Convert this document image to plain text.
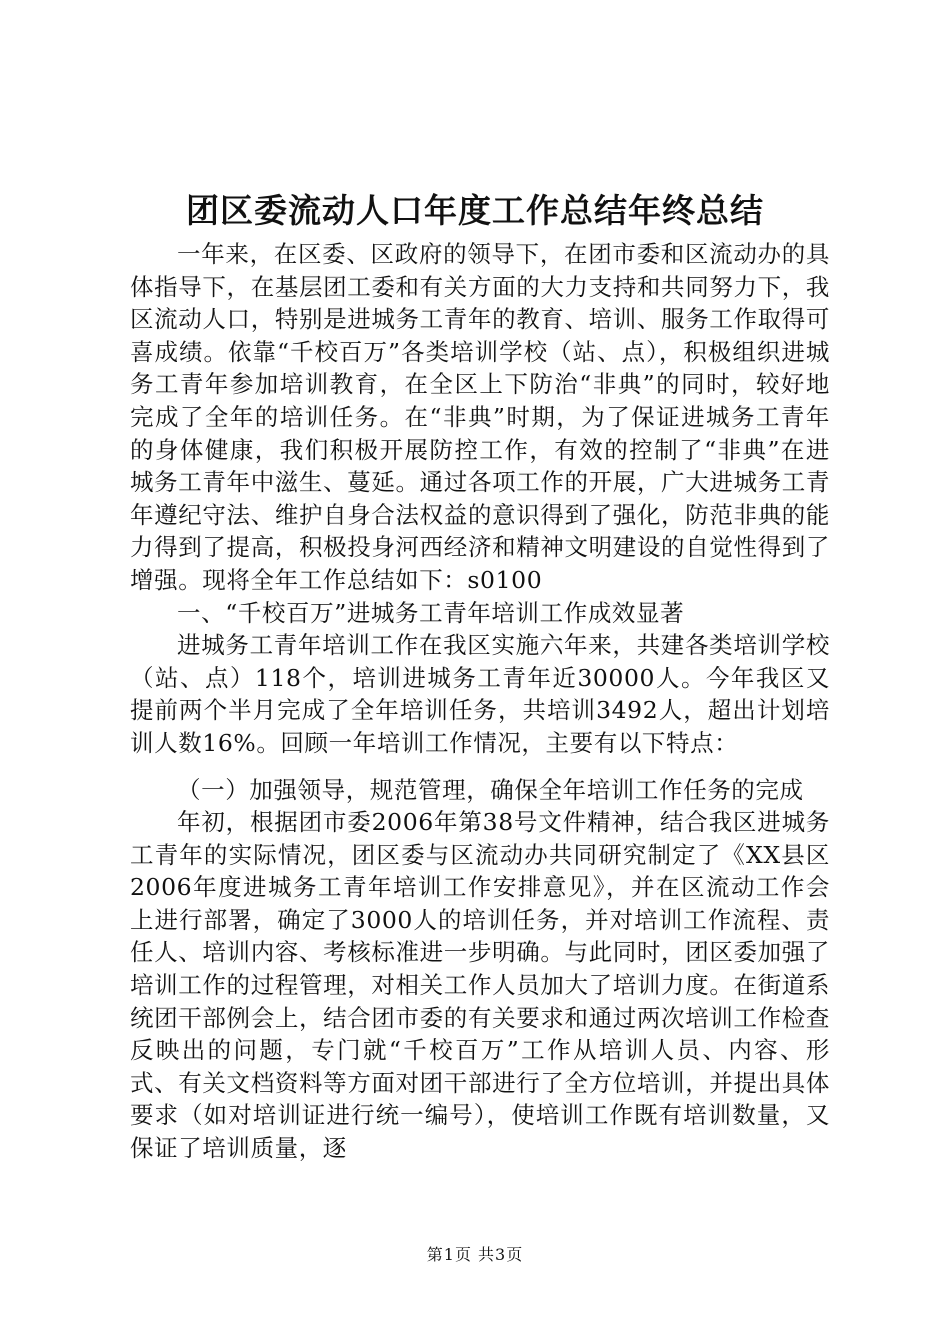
团区委流动人口年度工作总结年终总结

一年来，在区委、区政府的领导下，在团市委和区流动办的具体指导下，在基层团工委和有关方面的大力支持和共同努力下，我区流动人口，特别是进城务工青年的教育、培训、服务工作取得可喜成绩。依靠“千校百万”各类培训学校（站、点），积极组织进城务工青年参加培训教育，在全区上下防治“非典”的同时，较好地完成了全年的培训任务。在“非典”时期，为了保证进城务工青年的身体健康，我们积极开展防控工作，有效的控制了“非典”在进城务工青年中滋生、蔓延。通过各项工作的开展，广大进城务工青年遵纪守法、维护自身合法权益的意识得到了强化，防范非典的能力得到了提高，积极投身河西经济和精神文明建设的自觉性得到了增强。现将全年工作总结如下：s0100

一、“千校百万”进城务工青年培训工作成效显著

进城务工青年培训工作在我区实施六年来，共建各类培训学校（站、点）118个，培训进城务工青年近30000人。今年我区又提前两个半月完成了全年培训任务，共培训3492人，超出计划培训人数16%。回顾一年培训工作情况，主要有以下特点：

（一）加强领导，规范管理，确保全年培训工作任务的完成

年初，根据团市委2006年第38号文件精神，结合我区进城务工青年的实际情况，团区委与区流动办共同研究制定了《XX县区2006年度进城务工青年培训工作安排意见》，并在区流动工作会上进行部署，确定了3000人的培训任务，并对培训工作流程、责任人、培训内容、考核标准进一步明确。与此同时，团区委加强了培训工作的过程管理，对相关工作人员加大了培训力度。在街道系统团干部例会上，结合团市委的有关要求和通过两次培训工作检查反映出的问题，专门就“千校百万”工作从培训人员、内容、形式、有关文档资料等方面对团干部进行了全方位培训，并提出具体要求（如对培训证进行统一编号），使培训工作既有培训数量，又保证了培训质量，逐

第1页 共3页
